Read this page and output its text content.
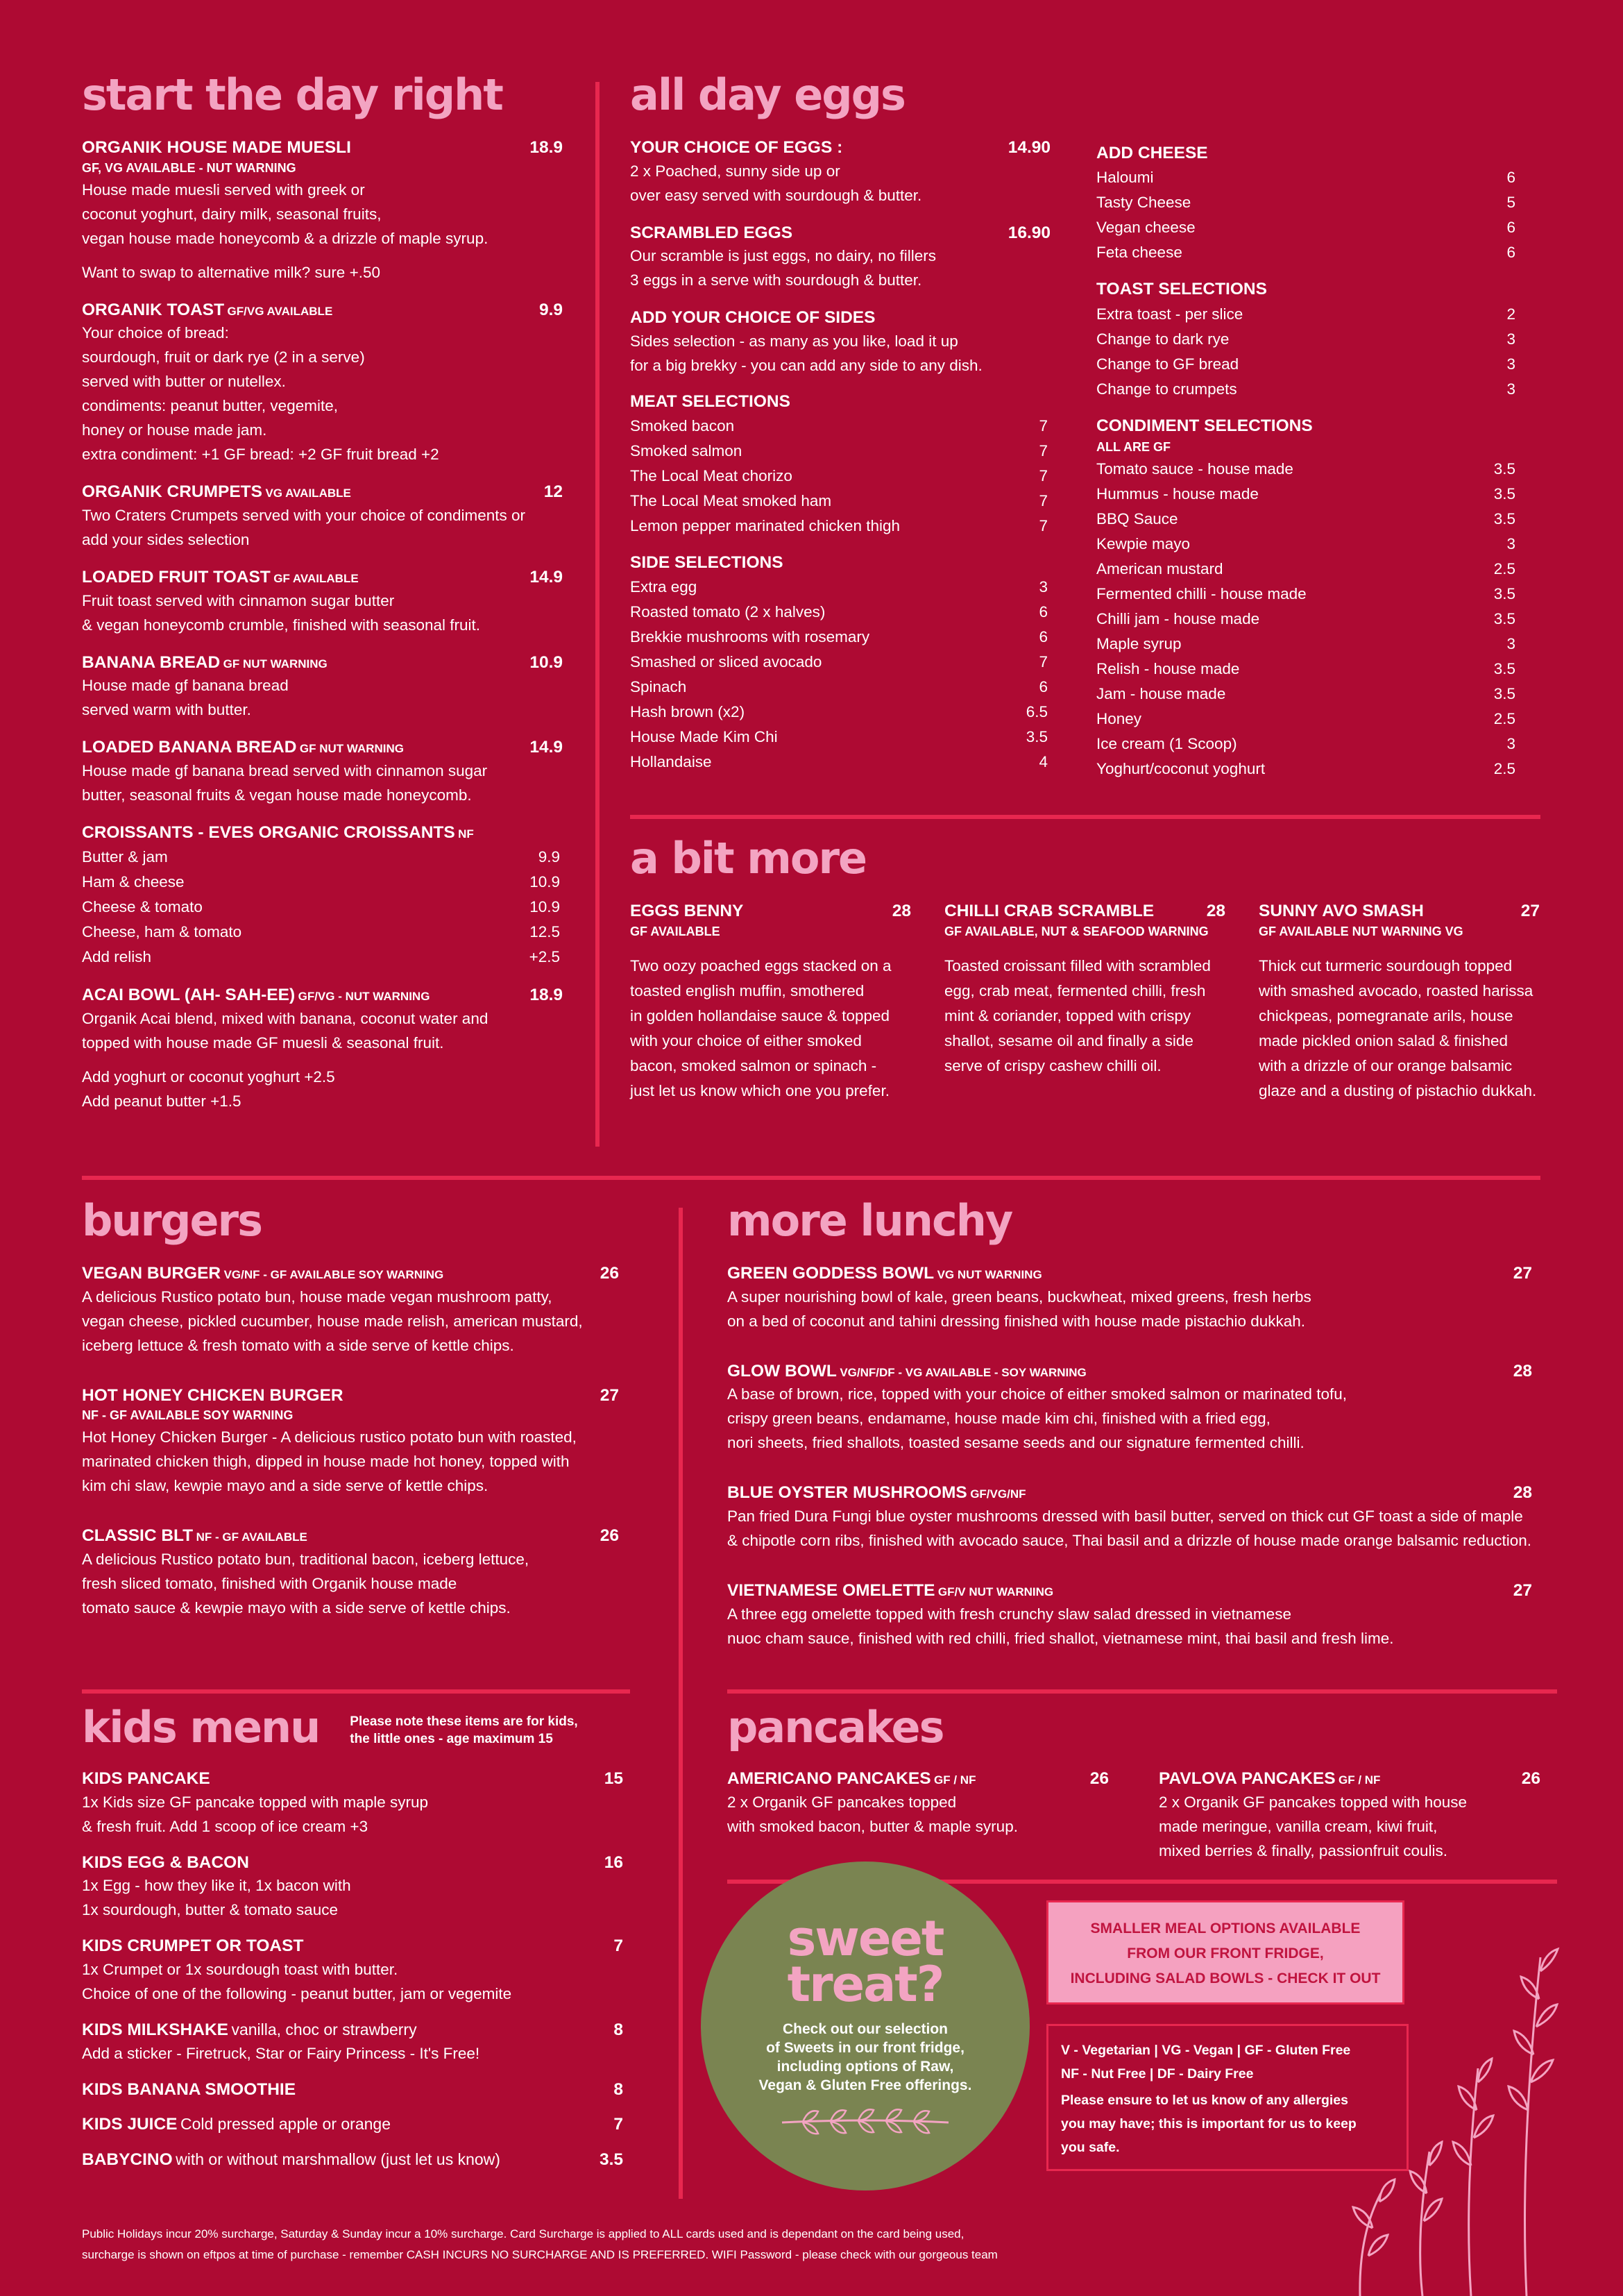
start the day right
ORGANIK HOUSE MADE MUESLI	18.9
GF, VG AVAILABLE - NUT WARNING
House made muesli served with greek or
coconut yoghurt, dairy milk, seasonal fruits,
vegan house made honeycomb & a drizzle of maple syrup.
Want to swap to alternative milk? sure +.50
ORGANIK TOAST GF/VG AVAILABLE	9.9
Your choice of bread:
sourdough, fruit or dark rye (2 in a serve)
served with butter or nutellex.
condiments: peanut butter, vegemite,
honey or house made jam.
extra condiment: +1 GF bread: +2 GF fruit bread +2
ORGANIK CRUMPETS VG AVAILABLE	12
Two Craters Crumpets served with your choice of condiments or
add your sides selection
LOADED FRUIT TOAST GF AVAILABLE	14.9
Fruit toast served with cinnamon sugar butter
& vegan honeycomb crumble, finished with seasonal fruit.
BANANA BREAD GF NUT WARNING	10.9
House made gf banana bread
served warm with butter.
LOADED BANANA BREAD GF NUT WARNING	14.9
House made gf banana bread served with cinnamon sugar
butter, seasonal fruits & vegan house made honeycomb.
CROISSANTS - EVES ORGANIC CROISSANTS NF
Butter & jam	9.9
Ham & cheese	10.9
Cheese & tomato	10.9
Cheese, ham & tomato	12.5
Add relish	+2.5
ACAI BOWL (AH- SAH-EE) GF/VG - NUT WARNING	18.9
Organik Acai blend, mixed with banana, coconut water and
topped with house made GF muesli & seasonal fruit.
Add yoghurt or coconut yoghurt +2.5
Add peanut butter +1.5
all day eggs
YOUR CHOICE OF EGGS :	14.90
2 x Poached, sunny side up or
over easy served with sourdough & butter.
SCRAMBLED EGGS	16.90
Our scramble is just eggs, no dairy, no fillers
3 eggs in a serve with sourdough & butter.
ADD YOUR CHOICE OF SIDES
Sides selection - as many as you like, load it up
for a big brekky - you can add any side to any dish.
MEAT SELECTIONS
Smoked bacon	7
Smoked salmon	7
The Local Meat chorizo	7
The Local Meat smoked ham	7
Lemon pepper marinated chicken thigh	7
SIDE SELECTIONS
Extra egg	3
Roasted tomato (2 x halves)	6
Brekkie mushrooms with rosemary	6
Smashed or sliced avocado	7
Spinach	6
Hash brown (x2)	6.5
House Made Kim Chi	3.5
Hollandaise	4
ADD CHEESE
Haloumi	6
Tasty Cheese	5
Vegan cheese	6
Feta cheese	6
TOAST SELECTIONS
Extra toast - per slice	2
Change to dark rye	3
Change to GF bread	3
Change to crumpets	3
CONDIMENT SELECTIONS
ALL ARE GF
Tomato sauce - house made	3.5
Hummus - house made	3.5
BBQ Sauce	3.5
Kewpie mayo	3
American mustard	2.5
Fermented chilli - house made	3.5
Chilli jam - house made	3.5
Maple syrup	3
Relish - house made	3.5
Jam - house made	3.5
Honey	2.5
Ice cream (1 Scoop)	3
Yoghurt/coconut yoghurt	2.5
a bit more
EGGS BENNY	28
GF AVAILABLE
Two oozy poached eggs stacked on a
toasted english muffin, smothered
in golden hollandaise sauce & topped
with your choice of either smoked
bacon, smoked salmon or spinach -
just let us know which one you prefer.
CHILLI CRAB SCRAMBLE	28
GF AVAILABLE, NUT & SEAFOOD WARNING
Toasted croissant filled with scrambled
egg, crab meat, fermented chilli, fresh
mint & coriander, topped with crispy
shallot, sesame oil and finally a side
serve of crispy cashew chilli oil.
SUNNY AVO SMASH	27
GF AVAILABLE NUT WARNING VG
Thick cut turmeric sourdough topped
with smashed avocado, roasted harissa
chickpeas, pomegranate arils, house
made pickled onion salad & finished
with a drizzle of our orange balsamic
glaze and a dusting of pistachio dukkah.
burgers
VEGAN BURGER VG/NF - GF AVAILABLE SOY WARNING	26
A delicious Rustico potato bun, house made vegan mushroom patty,
vegan cheese, pickled cucumber, house made relish, american mustard,
iceberg lettuce & fresh tomato with a side serve of kettle chips.
HOT HONEY CHICKEN BURGER	27
NF - GF AVAILABLE SOY WARNING
Hot Honey Chicken Burger - A delicious rustico potato bun with roasted,
marinated chicken thigh, dipped in house made hot honey, topped with
kim chi slaw, kewpie mayo and a side serve of kettle chips.
CLASSIC BLT NF - GF AVAILABLE	26
A delicious Rustico potato bun, traditional bacon, iceberg lettuce,
fresh sliced tomato, finished with Organik house made
tomato sauce & kewpie mayo with a side serve of kettle chips.
more lunchy
GREEN GODDESS BOWL VG NUT WARNING	27
A super nourishing bowl of kale, green beans, buckwheat, mixed greens, fresh herbs
on a bed of coconut and tahini dressing finished with house made pistachio dukkah.
GLOW BOWL VG/NF/DF - VG AVAILABLE - SOY WARNING	28
A base of brown, rice, topped with your choice of either smoked salmon or marinated tofu,
crispy green beans, endamame, house made kim chi, finished with a fried egg,
nori sheets, fried shallots, toasted sesame seeds and our signature fermented chilli.
BLUE OYSTER MUSHROOMS GF/VG/NF	28
Pan fried Dura Fungi blue oyster mushrooms dressed with basil butter, served on thick cut GF toast a side of maple
& chipotle corn ribs, finished with avocado sauce, Thai basil and a drizzle of house made orange balsamic reduction.
VIETNAMESE OMELETTE GF/V NUT WARNING	27
A three egg omelette topped with fresh crunchy slaw salad dressed in vietnamese
nuoc cham sauce, finished with red chilli, fried shallot, vietnamese mint, thai basil and fresh lime.
kids menu Please note these items are for kids,
the little ones - age maximum 15
KIDS PANCAKE	15
1x Kids size GF pancake topped with maple syrup
& fresh fruit. Add 1 scoop of ice cream +3
KIDS EGG & BACON	16
1x Egg - how they like it, 1x bacon with
1x sourdough, butter & tomato sauce
KIDS CRUMPET OR TOAST	7
1x Crumpet or 1x sourdough toast with butter.
Choice of one of the following - peanut butter, jam or vegemite
KIDS MILKSHAKE vanilla, choc or strawberry	8
Add a sticker - Firetruck, Star or Fairy Princess - It's Free!
KIDS BANANA SMOOTHIE	8
KIDS JUICE Cold pressed apple or orange	7
BABYCINO with or without marshmallow (just let us know)	3.5
pancakes
AMERICANO PANCAKES GF / NF	26
2 x Organik GF pancakes topped
with smoked bacon, butter & maple syrup.
PAVLOVA PANCAKES GF / NF	26
2 x Organik GF pancakes topped with house
made meringue, vanilla cream, kiwi fruit,
mixed berries & finally, passionfruit coulis.
sweet
treat?
Check out our selection
of Sweets in our front fridge,
including options of Raw,
Vegan & Gluten Free offerings.
SMALLER MEAL OPTIONS AVAILABLE
FROM OUR FRONT FRIDGE,
INCLUDING SALAD BOWLS - CHECK IT OUT
V - Vegetarian | VG - Vegan | GF - Gluten Free
NF - Nut Free | DF - Dairy Free
Please ensure to let us know of any allergies
you may have; this is important for us to keep
you safe.
Public Holidays incur 20% surcharge, Saturday & Sunday incur a 10% surcharge. Card Surcharge is applied to ALL cards used and is dependant on the card being used,
surcharge is shown on eftpos at time of purchase - remember CASH INCURS NO SURCHARGE AND IS PREFERRED. WIFI Password - please check with our gorgeous team
